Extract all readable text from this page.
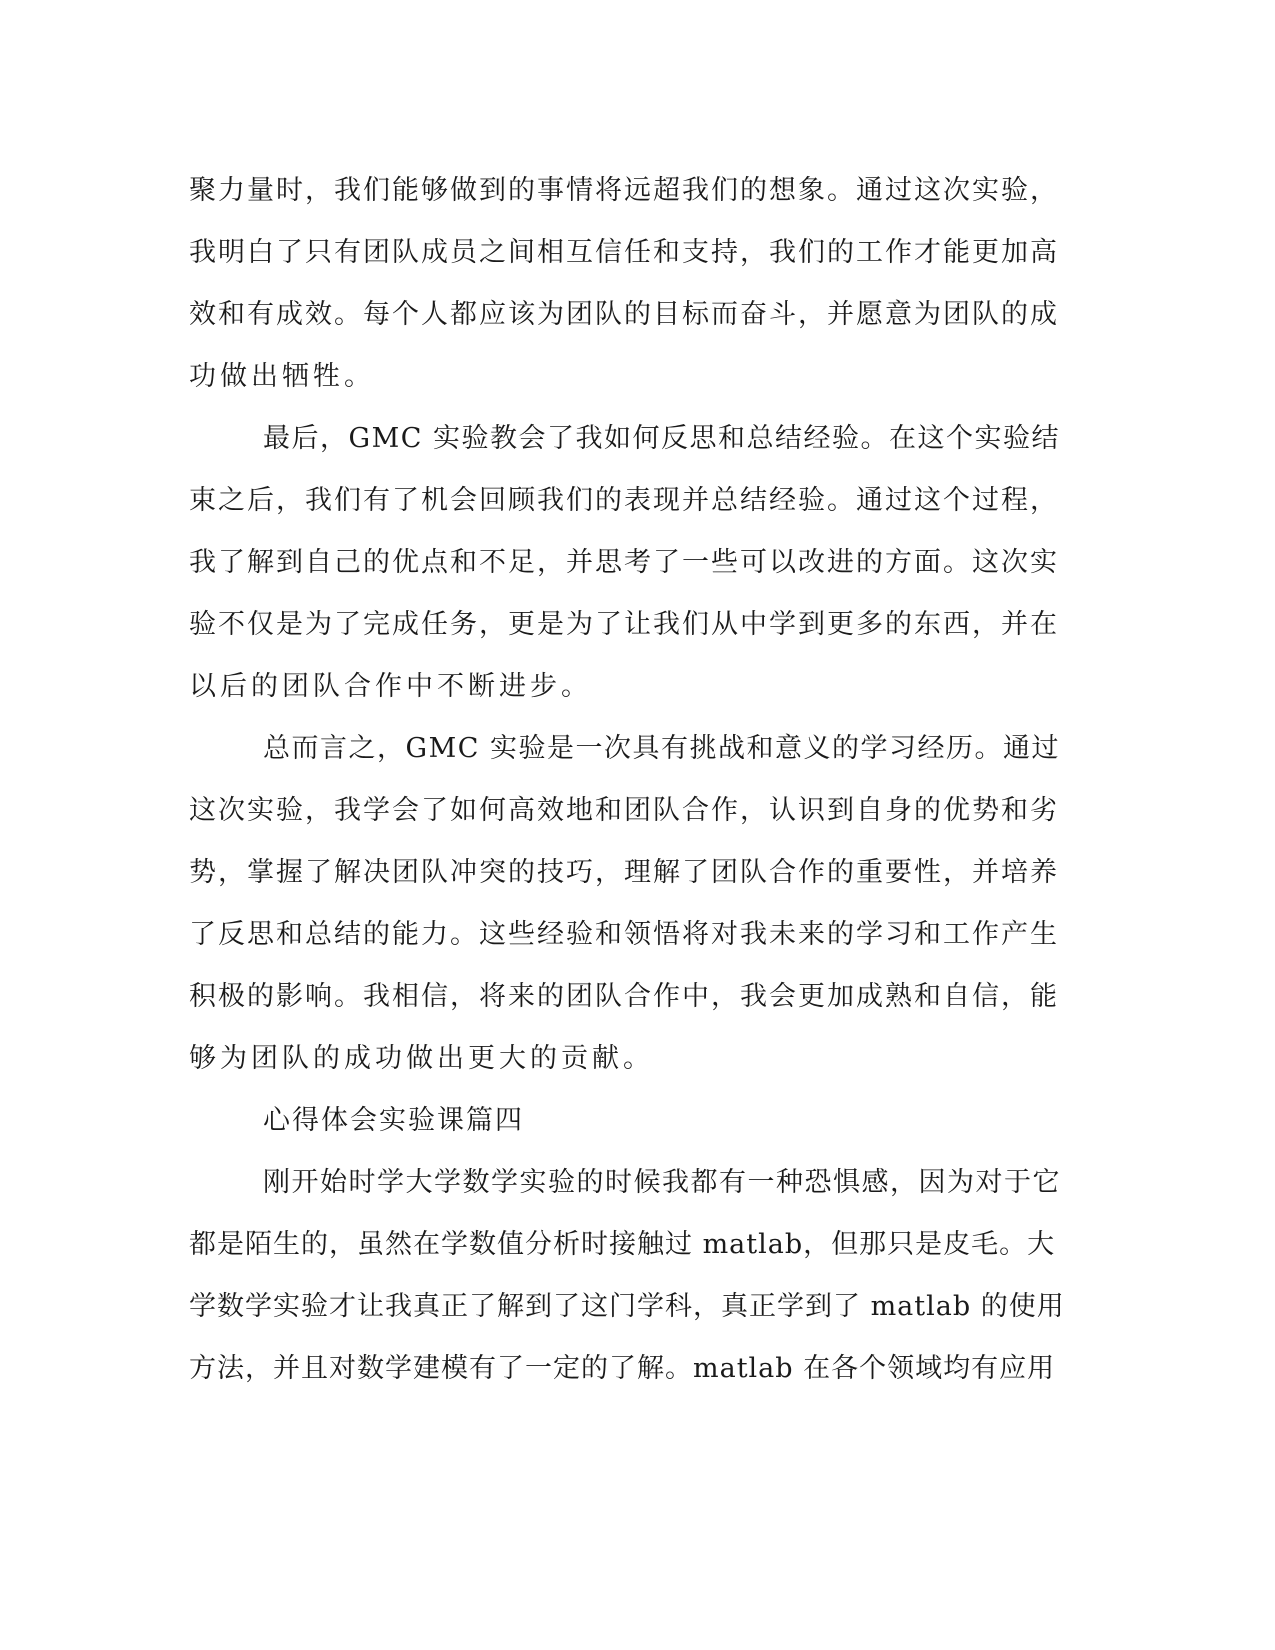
聚力量时，我们能够做到的事情将远超我们的想象。通过这次实验，
我明白了只有团队成员之间相互信任和支持，我们的工作才能更加高
效和有成效。每个人都应该为团队的目标而奋斗，并愿意为团队的成
功做出牺牲。
最后，GMC 实验教会了我如何反思和总结经验。在这个实验结
束之后，我们有了机会回顾我们的表现并总结经验。通过这个过程，
我了解到自己的优点和不足，并思考了一些可以改进的方面。这次实
验不仅是为了完成任务，更是为了让我们从中学到更多的东西，并在
以后的团队合作中不断进步。
总而言之，GMC 实验是一次具有挑战和意义的学习经历。通过
这次实验，我学会了如何高效地和团队合作，认识到自身的优势和劣
势，掌握了解决团队冲突的技巧，理解了团队合作的重要性，并培养
了反思和总结的能力。这些经验和领悟将对我未来的学习和工作产生
积极的影响。我相信，将来的团队合作中，我会更加成熟和自信，能
够为团队的成功做出更大的贡献。
心得体会实验课篇四
刚开始时学大学数学实验的时候我都有一种恐惧感，因为对于它
都是陌生的，虽然在学数值分析时接触过 matlab，但那只是皮毛。大
学数学实验才让我真正了解到了这门学科，真正学到了 matlab 的使用
方法，并且对数学建模有了一定的了解。matlab 在各个领域均有应用
